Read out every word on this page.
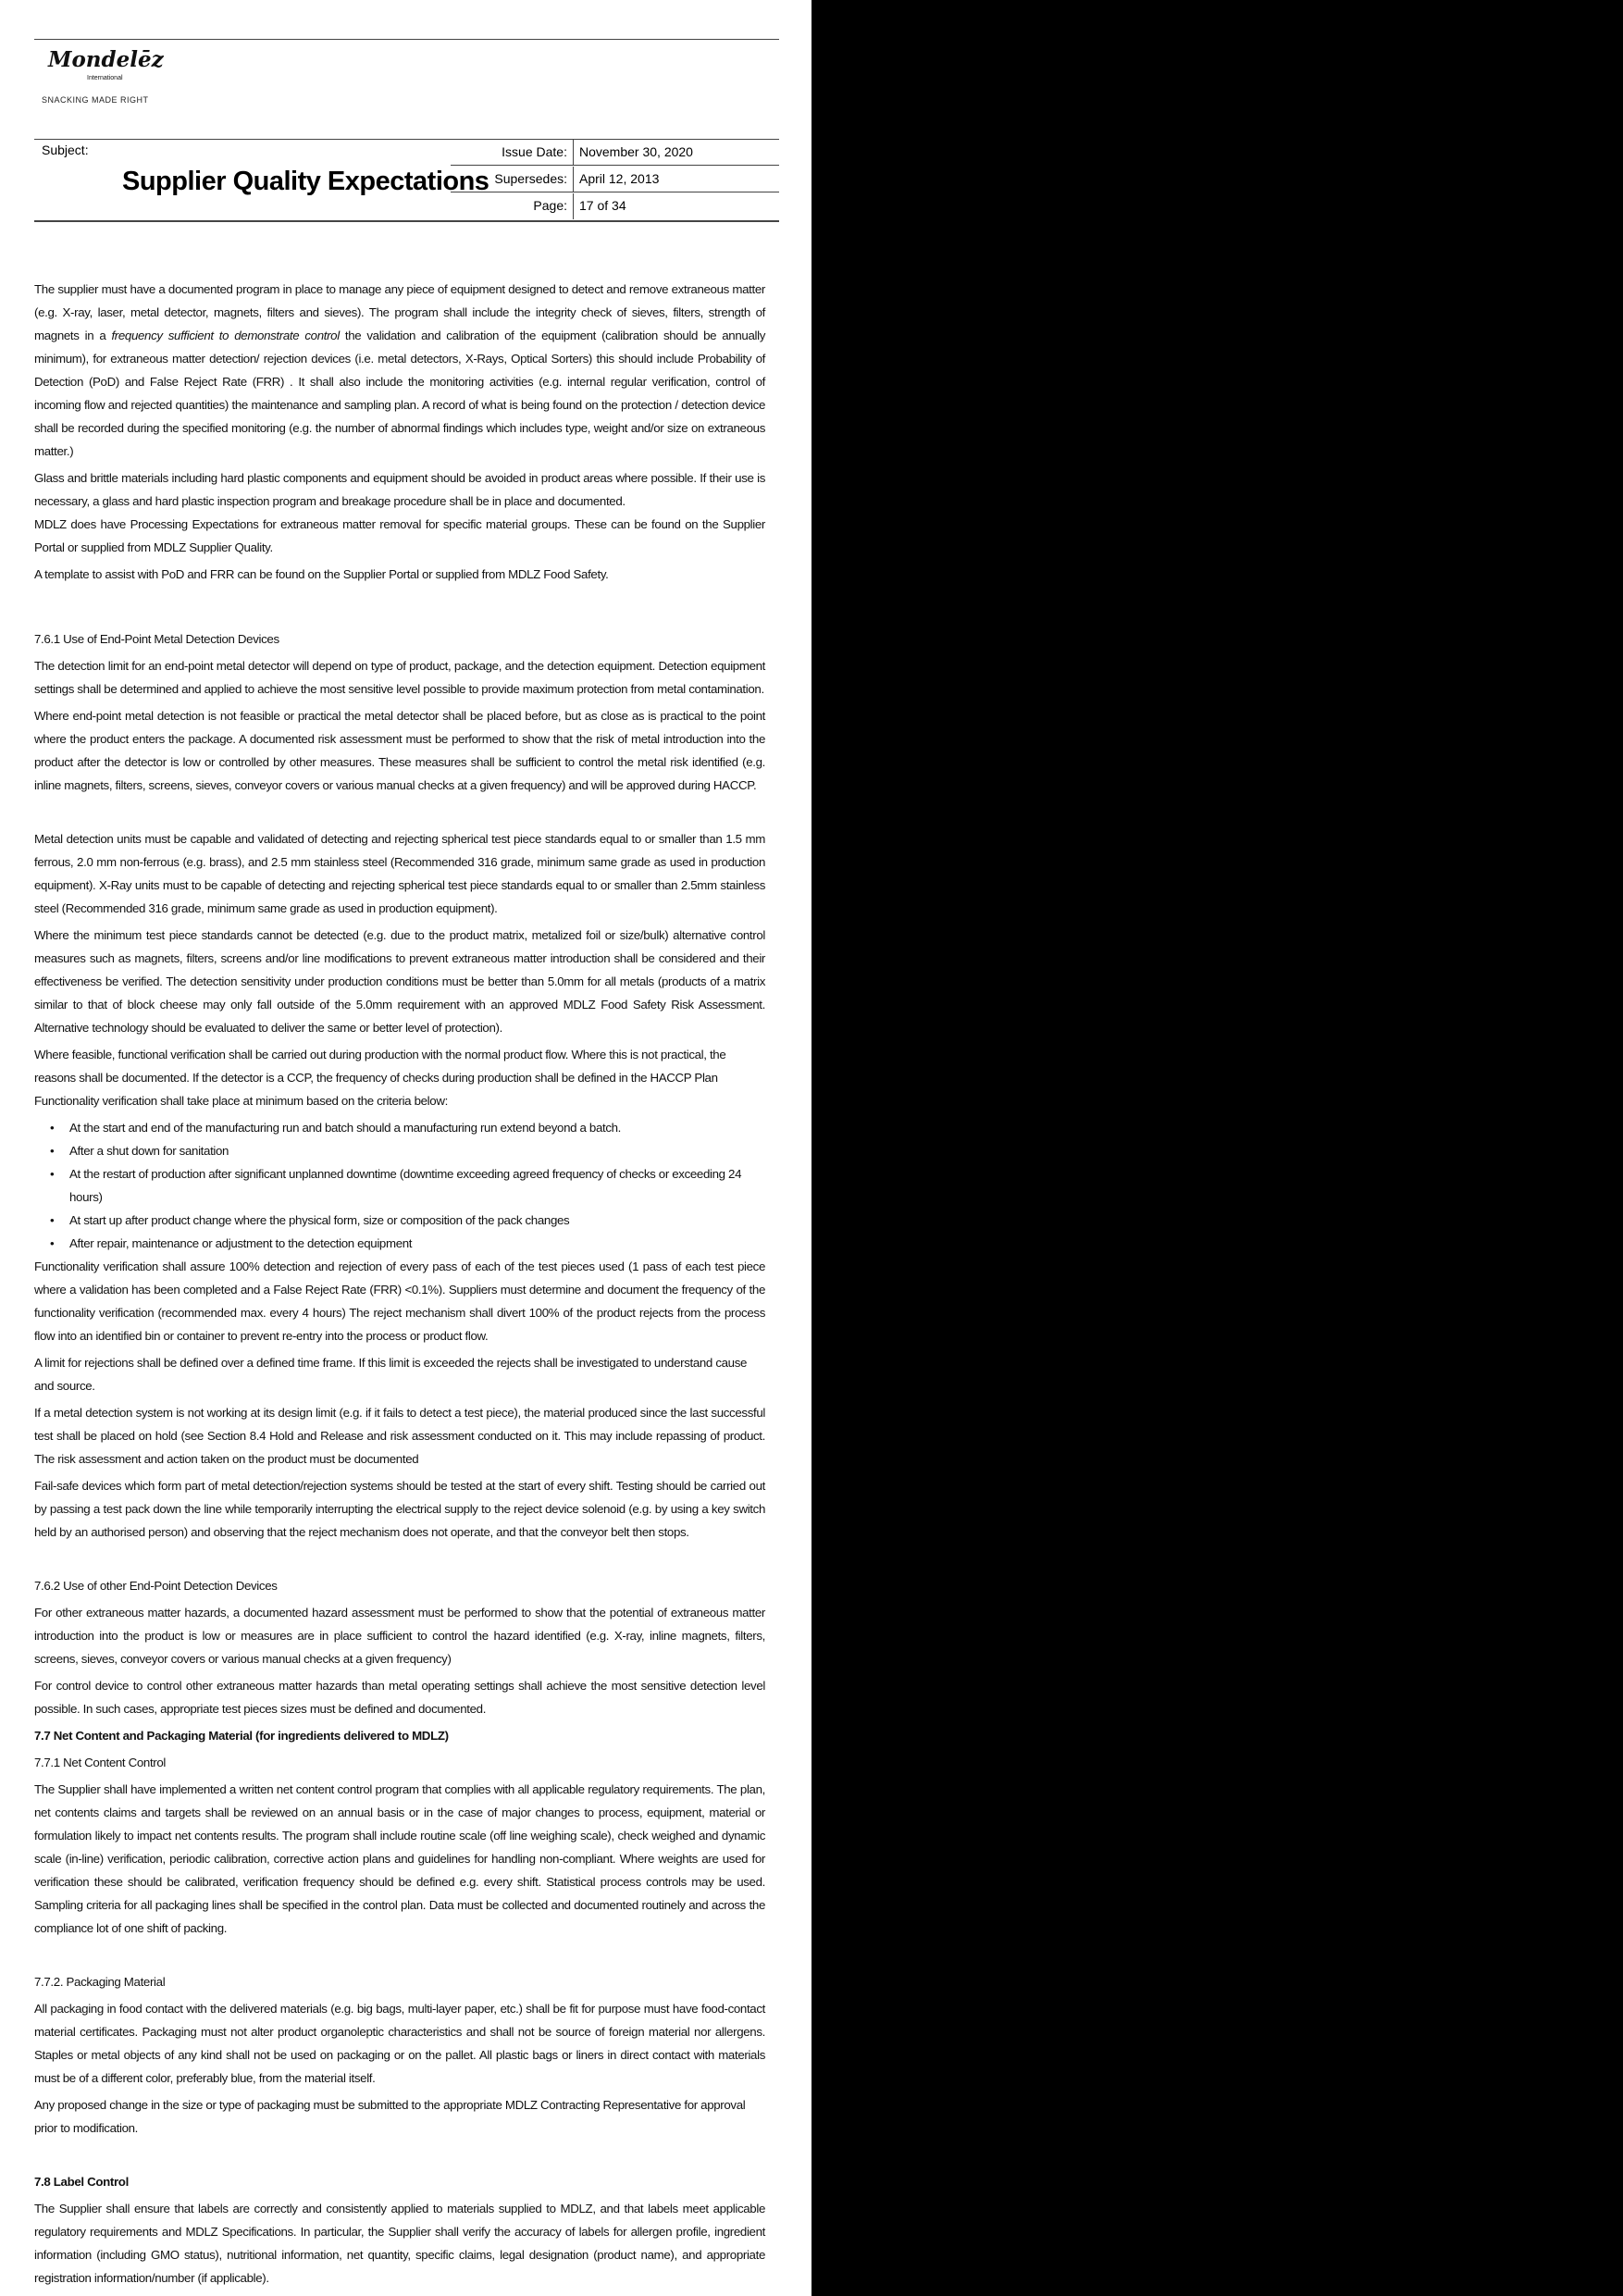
Mondelēz
International
SNACKING MADE RIGHT
Subject:
Supplier Quality Expectations
Issue Date: November 30, 2020
Supersedes: April 12, 2013
Page: 17 of 34

The supplier must have a documented program in place to manage any piece of equipment designed to detect and remove extraneous matter (e.g. X-ray, laser, metal detector, magnets, filters and sieves). The program shall include the integrity check of sieves, filters, strength of magnets in a frequency sufficient to demonstrate control the validation and calibration of the equipment (calibration should be annually minimum), for extraneous matter detection/ rejection devices (i.e. metal detectors, X-Rays, Optical Sorters) this should include Probability of Detection (PoD) and False Reject Rate (FRR) . It shall also include the monitoring activities (e.g. internal regular verification, control of incoming flow and rejected quantities) the maintenance and sampling plan. A record of what is being found on the protection / detection device shall be recorded during the specified monitoring (e.g. the number of abnormal findings which includes type, weight and/or size on extraneous matter.)

Glass and brittle materials including hard plastic components and equipment should be avoided in product areas where possible. If their use is necessary, a glass and hard plastic inspection program and breakage procedure shall be in place and documented.

MDLZ does have Processing Expectations for extraneous matter removal for specific material groups. These can be found on the Supplier Portal or supplied from MDLZ Supplier Quality.

A template to assist with PoD and FRR can be found on the Supplier Portal or supplied from MDLZ Food Safety.

7.6.1 Use of End-Point Metal Detection Devices

The detection limit for an end-point metal detector will depend on type of product, package, and the detection equipment. Detection equipment settings shall be determined and applied to achieve the most sensitive level possible to provide maximum protection from metal contamination.

Where end-point metal detection is not feasible or practical the metal detector shall be placed before, but as close as is practical to the point where the product enters the package. A documented risk assessment must be performed to show that the risk of metal introduction into the product after the detector is low or controlled by other measures. These measures shall be sufficient to control the metal risk identified (e.g. inline magnets, filters, screens, sieves, conveyor covers or various manual checks at a given frequency) and will be approved during HACCP.

Metal detection units must be capable and validated of detecting and rejecting spherical test piece standards equal to or smaller than 1.5 mm ferrous, 2.0 mm non-ferrous (e.g. brass), and 2.5 mm stainless steel (Recommended 316 grade, minimum same grade as used in production equipment). X-Ray units must to be capable of detecting and rejecting spherical test piece standards equal to or smaller than 2.5mm stainless steel (Recommended 316 grade, minimum same grade as used in production equipment).

Where the minimum test piece standards cannot be detected (e.g. due to the product matrix, metalized foil or size/bulk) alternative control measures such as magnets, filters, screens and/or line modifications to prevent extraneous matter introduction shall be considered and their effectiveness be verified. The detection sensitivity under production conditions must be better than 5.0mm for all metals (products of a matrix similar to that of block cheese may only fall outside of the 5.0mm requirement with an approved MDLZ Food Safety Risk Assessment. Alternative technology should be evaluated to deliver the same or better level of protection).

Where feasible, functional verification shall be carried out during production with the normal product flow. Where this is not practical, the reasons shall be documented. If the detector is a CCP, the frequency of checks during production shall be defined in the HACCP Plan

Functionality verification shall take place at minimum based on the criteria below:

• At the start and end of the manufacturing run and batch should a manufacturing run extend beyond a batch.
• After a shut down for sanitation
• At the restart of production after significant unplanned downtime (downtime exceeding agreed frequency of checks or exceeding 24 hours)
• At start up after product change where the physical form, size or composition of the pack changes
• After repair, maintenance or adjustment to the detection equipment

Functionality verification shall assure 100% detection and rejection of every pass of each of the test pieces used (1 pass of each test piece where a validation has been completed and a False Reject Rate (FRR) <0.1%). Suppliers must determine and document the frequency of the functionality verification (recommended max. every 4 hours) The reject mechanism shall divert 100% of the product rejects from the process flow into an identified bin or container to prevent re-entry into the process or product flow.

A limit for rejections shall be defined over a defined time frame. If this limit is exceeded the rejects shall be investigated to understand cause and source.

If a metal detection system is not working at its design limit (e.g. if it fails to detect a test piece), the material produced since the last successful test shall be placed on hold (see Section 8.4 Hold and Release and risk assessment conducted on it. This may include repassing of product. The risk assessment and action taken on the product must be documented

Fail-safe devices which form part of metal detection/rejection systems should be tested at the start of every shift. Testing should be carried out by passing a test pack down the line while temporarily interrupting the electrical supply to the reject device solenoid (e.g. by using a key switch held by an authorised person) and observing that the reject mechanism does not operate, and that the conveyor belt then stops.

7.6.2 Use of other End-Point Detection Devices

For other extraneous matter hazards, a documented hazard assessment must be performed to show that the potential of extraneous matter introduction into the product is low or measures are in place sufficient to control the hazard identified (e.g. X-ray, inline magnets, filters, screens, sieves, conveyor covers or various manual checks at a given frequency)

For control device to control other extraneous matter hazards than metal operating settings shall achieve the most sensitive detection level possible. In such cases, appropriate test pieces sizes must be defined and documented.

7.7 Net Content and Packaging Material (for ingredients delivered to MDLZ)

7.7.1 Net Content Control

The Supplier shall have implemented a written net content control program that complies with all applicable regulatory requirements. The plan, net contents claims and targets shall be reviewed on an annual basis or in the case of major changes to process, equipment, material or formulation likely to impact net contents results. The program shall include routine scale (off line weighing scale), check weighed and dynamic scale (in-line) verification, periodic calibration, corrective action plans and guidelines for handling non-compliant. Where weights are used for verification these should be calibrated, verification frequency should be defined e.g. every shift. Statistical process controls may be used. Sampling criteria for all packaging lines shall be specified in the control plan. Data must be collected and documented routinely and across the compliance lot of one shift of packing.

7.7.2. Packaging Material

All packaging in food contact with the delivered materials (e.g. big bags, multi-layer paper, etc.) shall be fit for purpose must have food-contact material certificates. Packaging must not alter product organoleptic characteristics and shall not be source of foreign material nor allergens. Staples or metal objects of any kind shall not be used on packaging or on the pallet. All plastic bags or liners in direct contact with materials must be of a different color, preferably blue, from the material itself.

Any proposed change in the size or type of packaging must be submitted to the appropriate MDLZ Contracting Representative for approval prior to modification.

7.8 Label Control

The Supplier shall ensure that labels are correctly and consistently applied to materials supplied to MDLZ, and that labels meet applicable regulatory requirements and MDLZ Specifications. In particular, the Supplier shall verify the accuracy of labels for allergen profile, ingredient information (including GMO status), nutritional information, net quantity, specific claims, legal designation (product name), and appropriate registration information/number (if applicable).
